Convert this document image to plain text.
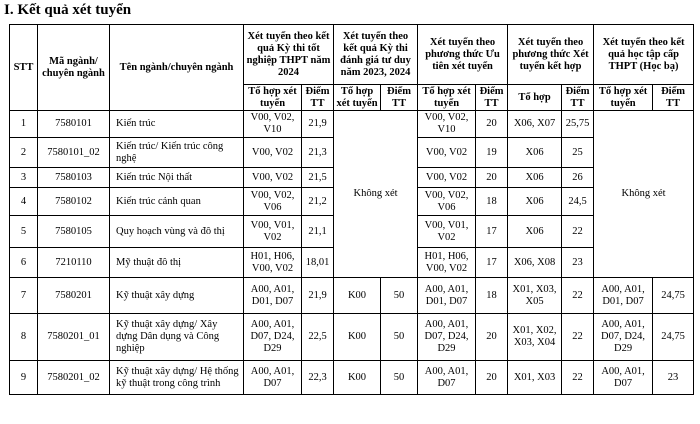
I. Kết quả xét tuyển
STT	Mã ngành/ chuyên ngành	Tên ngành/chuyên ngành	Xét tuyển theo kết quả Kỳ thi tốt nghiệp THPT năm 2024		Xét tuyển theo kết quả Kỳ thi đánh giá tư duy năm 2023, 2024		Xét tuyển theo phương thức Ưu tiên xét tuyển		Xét tuyển theo phương thức Xét tuyển kết hợp		Xét tuyển theo kết quả học tập cấp THPT (Học bạ)	
			Tổ hợp xét tuyển	Điểm TT	Tổ hợp xét tuyển	Điểm TT	Tổ hợp xét tuyển	Điểm TT	Tổ hợp	Điểm TT	Tổ hợp xét tuyển	Điểm TT
1	7580101	Kiến trúc	V00, V02, V10	21,9	Không xét		V00, V02, V10	20	X06, X07	25,75	Không xét	
2	7580101_02	Kiến trúc/ Kiến trúc công nghệ	V00, V02	21,3			V00, V02	19	X06	25		
3	7580103	Kiến trúc Nội thất	V00, V02	21,5			V00, V02	20	X06	26		
4	7580102	Kiến trúc cảnh quan	V00, V02, V06	21,2			V00, V02, V06	18	X06	24,5		
5	7580105	Quy hoạch vùng và đô thị	V00, V01, V02	21,1			V00, V01, V02	17	X06	22		
6	7210110	Mỹ thuật đô thị	H01, H06, V00, V02	18,01			H01, H06, V00, V02	17	X06, X08	23		
7	7580201	Kỹ thuật xây dựng	A00, A01, D01, D07	21,9	K00	50	A00, A01, D01, D07	18	X01, X03, X05	22	A00, A01, D01, D07	24,75
8	7580201_01	Kỹ thuật xây dựng/ Xây dựng Dân dụng và Công nghiệp	A00, A01, D07, D24, D29	22,5	K00	50	A00, A01, D07, D24, D29	20	X01, X02, X03, X04	22	A00, A01, D07, D24, D29	24,75
9	7580201_02	Kỹ thuật xây dựng/ Hệ thống kỹ thuật trong công trình	A00, A01, D07	22,3	K00	50	A00, A01, D07	20	X01, X03	22	A00, A01, D07	23
